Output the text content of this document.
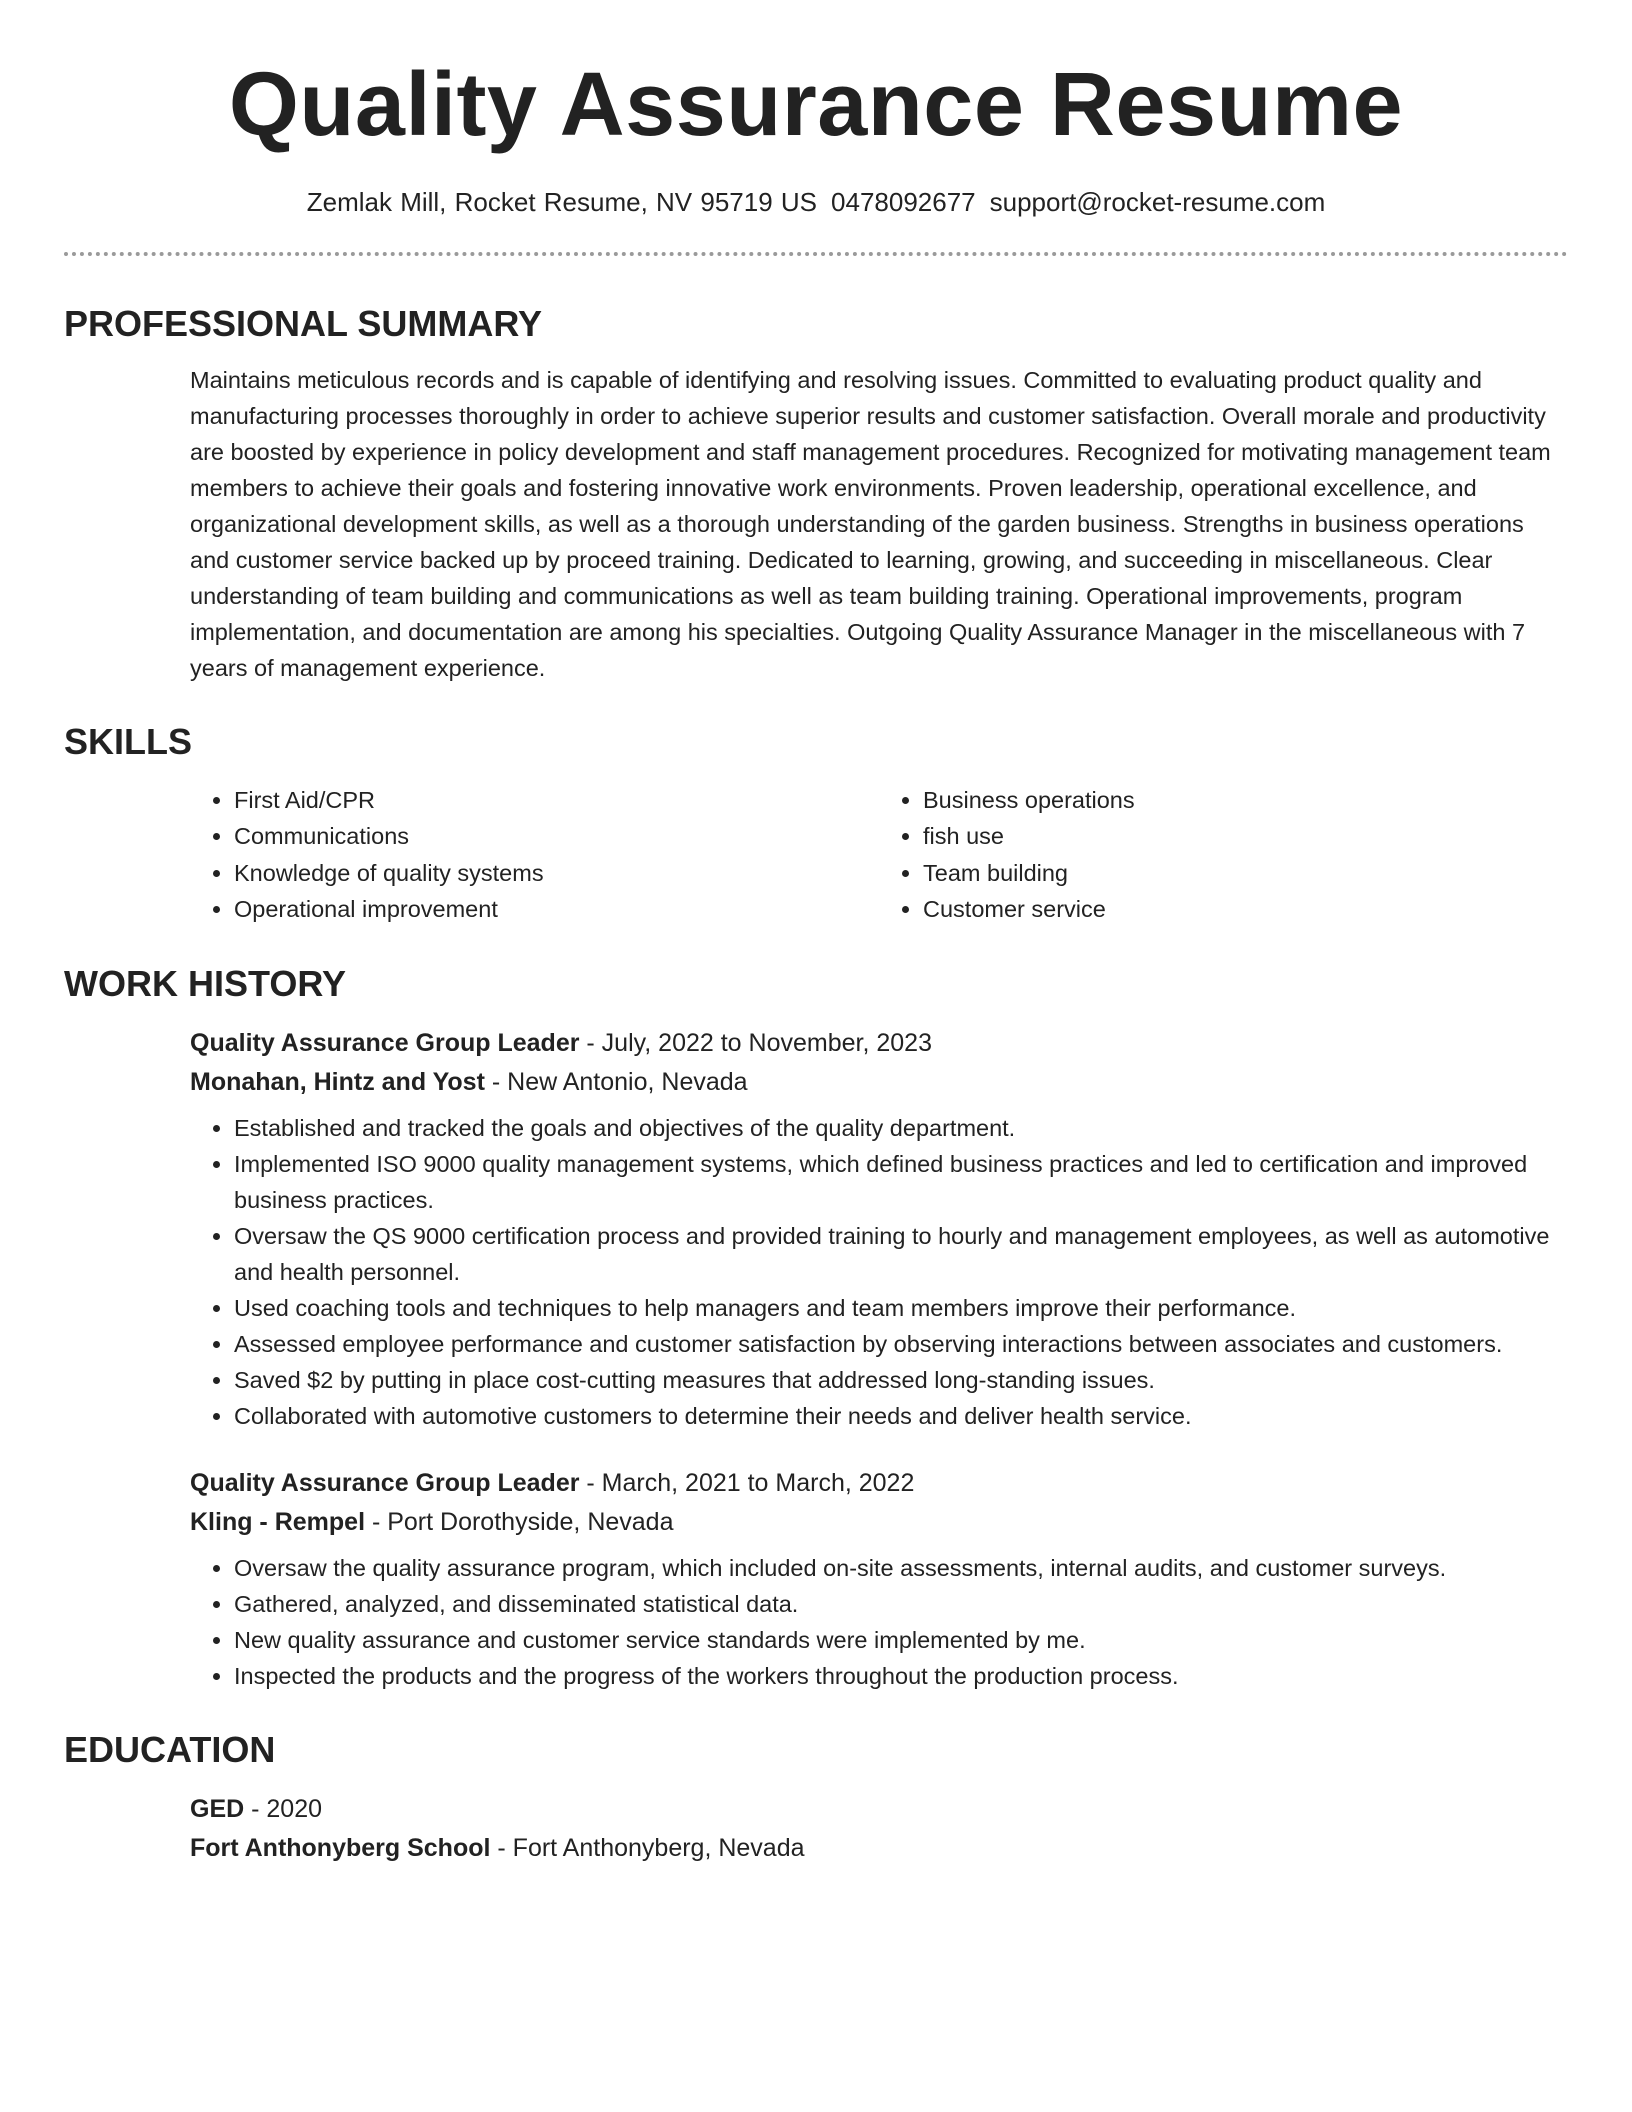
Quality Assurance Resume
Zemlak Mill, Rocket Resume, NV 95719 US 0478092677 support@rocket-resume.com
PROFESSIONAL SUMMARY

Maintains meticulous records and is capable of identifying and resolving issues. Committed to evaluating product quality and manufacturing processes thoroughly in order to achieve superior results and customer satisfaction. Overall morale and productivity are boosted by experience in policy development and staff management procedures. Recognized for motivating management team members to achieve their goals and fostering innovative work environments. Proven leadership, operational excellence, and organizational development skills, as well as a thorough understanding of the garden business. Strengths in business operations and customer service backed up by proceed training. Dedicated to learning, growing, and succeeding in miscellaneous. Clear understanding of team building and communications as well as team building training. Operational improvements, program implementation, and documentation are among his specialties. Outgoing Quality Assurance Manager in the miscellaneous with 7 years of management experience.

SKILLS
• First Aid/CPR
• Communications
• Knowledge of quality systems
• Operational improvement
• Business operations
• fish use
• Team building
• Customer service
WORK HISTORY
Quality Assurance Group Leader - July, 2022 to November, 2023
Monahan, Hintz and Yost - New Antonio, Nevada
• Established and tracked the goals and objectives of the quality department.
• Implemented ISO 9000 quality management systems, which defined business practices and led to certification and improved business practices.
• Oversaw the QS 9000 certification process and provided training to hourly and management employees, as well as automotive and health personnel.
• Used coaching tools and techniques to help managers and team members improve their performance.
• Assessed employee performance and customer satisfaction by observing interactions between associates and customers.
• Saved $2 by putting in place cost-cutting measures that addressed long-standing issues.
• Collaborated with automotive customers to determine their needs and deliver health service.
Quality Assurance Group Leader - March, 2021 to March, 2022
Kling - Rempel - Port Dorothyside, Nevada
• Oversaw the quality assurance program, which included on-site assessments, internal audits, and customer surveys.
• Gathered, analyzed, and disseminated statistical data.
• New quality assurance and customer service standards were implemented by me.
• Inspected the products and the progress of the workers throughout the production process.
EDUCATION
GED - 2020
Fort Anthonyberg School - Fort Anthonyberg, Nevada
